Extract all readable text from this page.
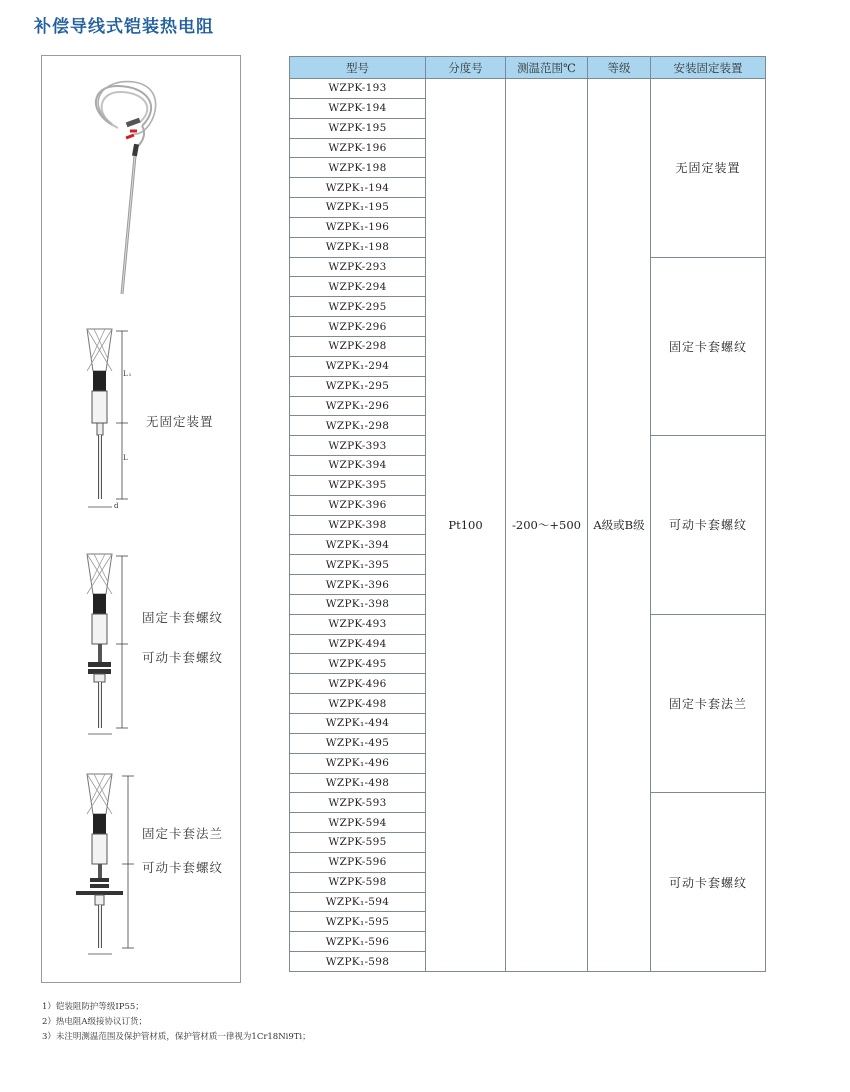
补偿导线式铠装热电阻
L₁
L
d
无固定装置
固定卡套螺纹
可动卡套螺纹
固定卡套法兰
可动卡套螺纹
型号	分度号	测温范围℃	等级	安装固定装置
WZPK-193	Pt100	-200～+500	A级或B级	无固定装置
WZPK-194				
WZPK-195				
WZPK-196				
WZPK-198				
WZPK₁-194				
WZPK₁-195				
WZPK₁-196				
WZPK₁-198				
WZPK-293				固定卡套螺纹
WZPK-294				
WZPK-295				
WZPK-296				
WZPK-298				
WZPK₁-294				
WZPK₁-295				
WZPK₁-296				
WZPK₁-298				
WZPK-393				可动卡套螺纹
WZPK-394				
WZPK-395				
WZPK-396				
WZPK-398				
WZPK₁-394				
WZPK₁-395				
WZPK₁-396				
WZPK₁-398				
WZPK-493				固定卡套法兰
WZPK-494				
WZPK-495				
WZPK-496				
WZPK-498				
WZPK₁-494				
WZPK₁-495				
WZPK₁-496				
WZPK₁-498				
WZPK-593				可动卡套螺纹
WZPK-594				
WZPK-595				
WZPK-596				
WZPK-598				
WZPK₁-594				
WZPK₁-595				
WZPK₁-596				
WZPK₁-598				
1）铠装阻防护等级IP55；
2）热电阻A级接协议订货；
3）未注明测温范围及保护管材质，保护管材质一律视为1Cr18Ni9Ti；
